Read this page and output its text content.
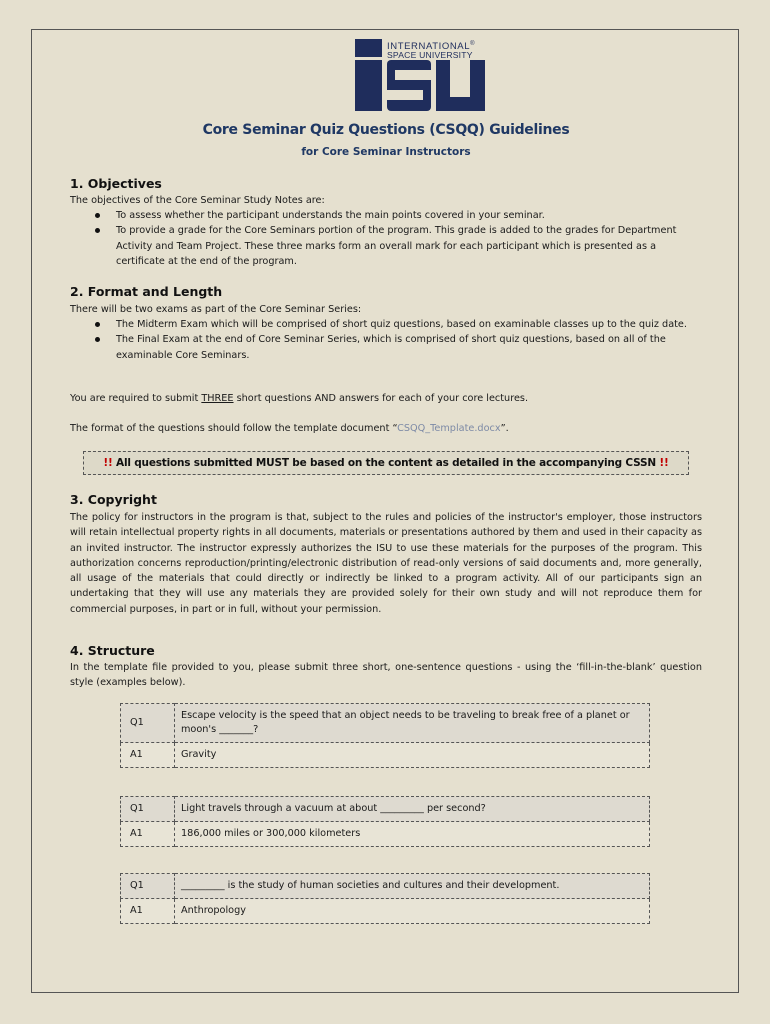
INTERNATIONAL®
SPACE UNIVERSITY
Core Seminar Quiz Questions (CSQQ) Guidelines
for Core Seminar Instructors
1. Objectives
The objectives of the Core Seminar Study Notes are:
To assess whether the participant understands the main points covered in your seminar.
To provide a grade for the Core Seminars portion of the program. This grade is added to the grades for Department Activity and Team Project. These three marks form an overall mark for each participant which is presented as a certificate at the end of the program.
2. Format and Length
There will be two exams as part of the Core Seminar Series:
The Midterm Exam which will be comprised of short quiz questions, based on examinable classes up to the quiz date.
The Final Exam at the end of Core Seminar Series, which is comprised of short quiz questions, based on all of the examinable Core Seminars.
You are required to submit THREE short questions AND answers for each of your core lectures.
The format of the questions should follow the template document “CSQQ_Template.docx”.
!! All questions submitted MUST be based on the content as detailed in the accompanying CSSN !!
3. Copyright
The policy for instructors in the program is that, subject to the rules and policies of the instructor's employer, those instructors will retain intellectual property rights in all documents, materials or presentations authored by them and used in their capacity as an invited instructor. The instructor expressly authorizes the ISU to use these materials for the purposes of the program. This authorization concerns reproduction/printing/electronic distribution of read-only versions of said documents and, more generally, all usage of the materials that could directly or indirectly be linked to a program activity. All of our participants sign an undertaking that they will use any materials they are provided solely for their own study and will not reproduce them for commercial purposes, in part or in full, without your permission.
4. Structure
In the template file provided to you, please submit three short, one-sentence questions - using the ‘fill-in-the-blank’ question style (examples below).
Q1	Escape velocity is the speed that an object needs to be traveling to break free of a planet or moon's _______?
A1	Gravity
Q1	Light travels through a vacuum at about _________ per second?
A1	186,000 miles or 300,000 kilometers
Q1	_________ is the study of human societies and cultures and their development.
A1	Anthropology
